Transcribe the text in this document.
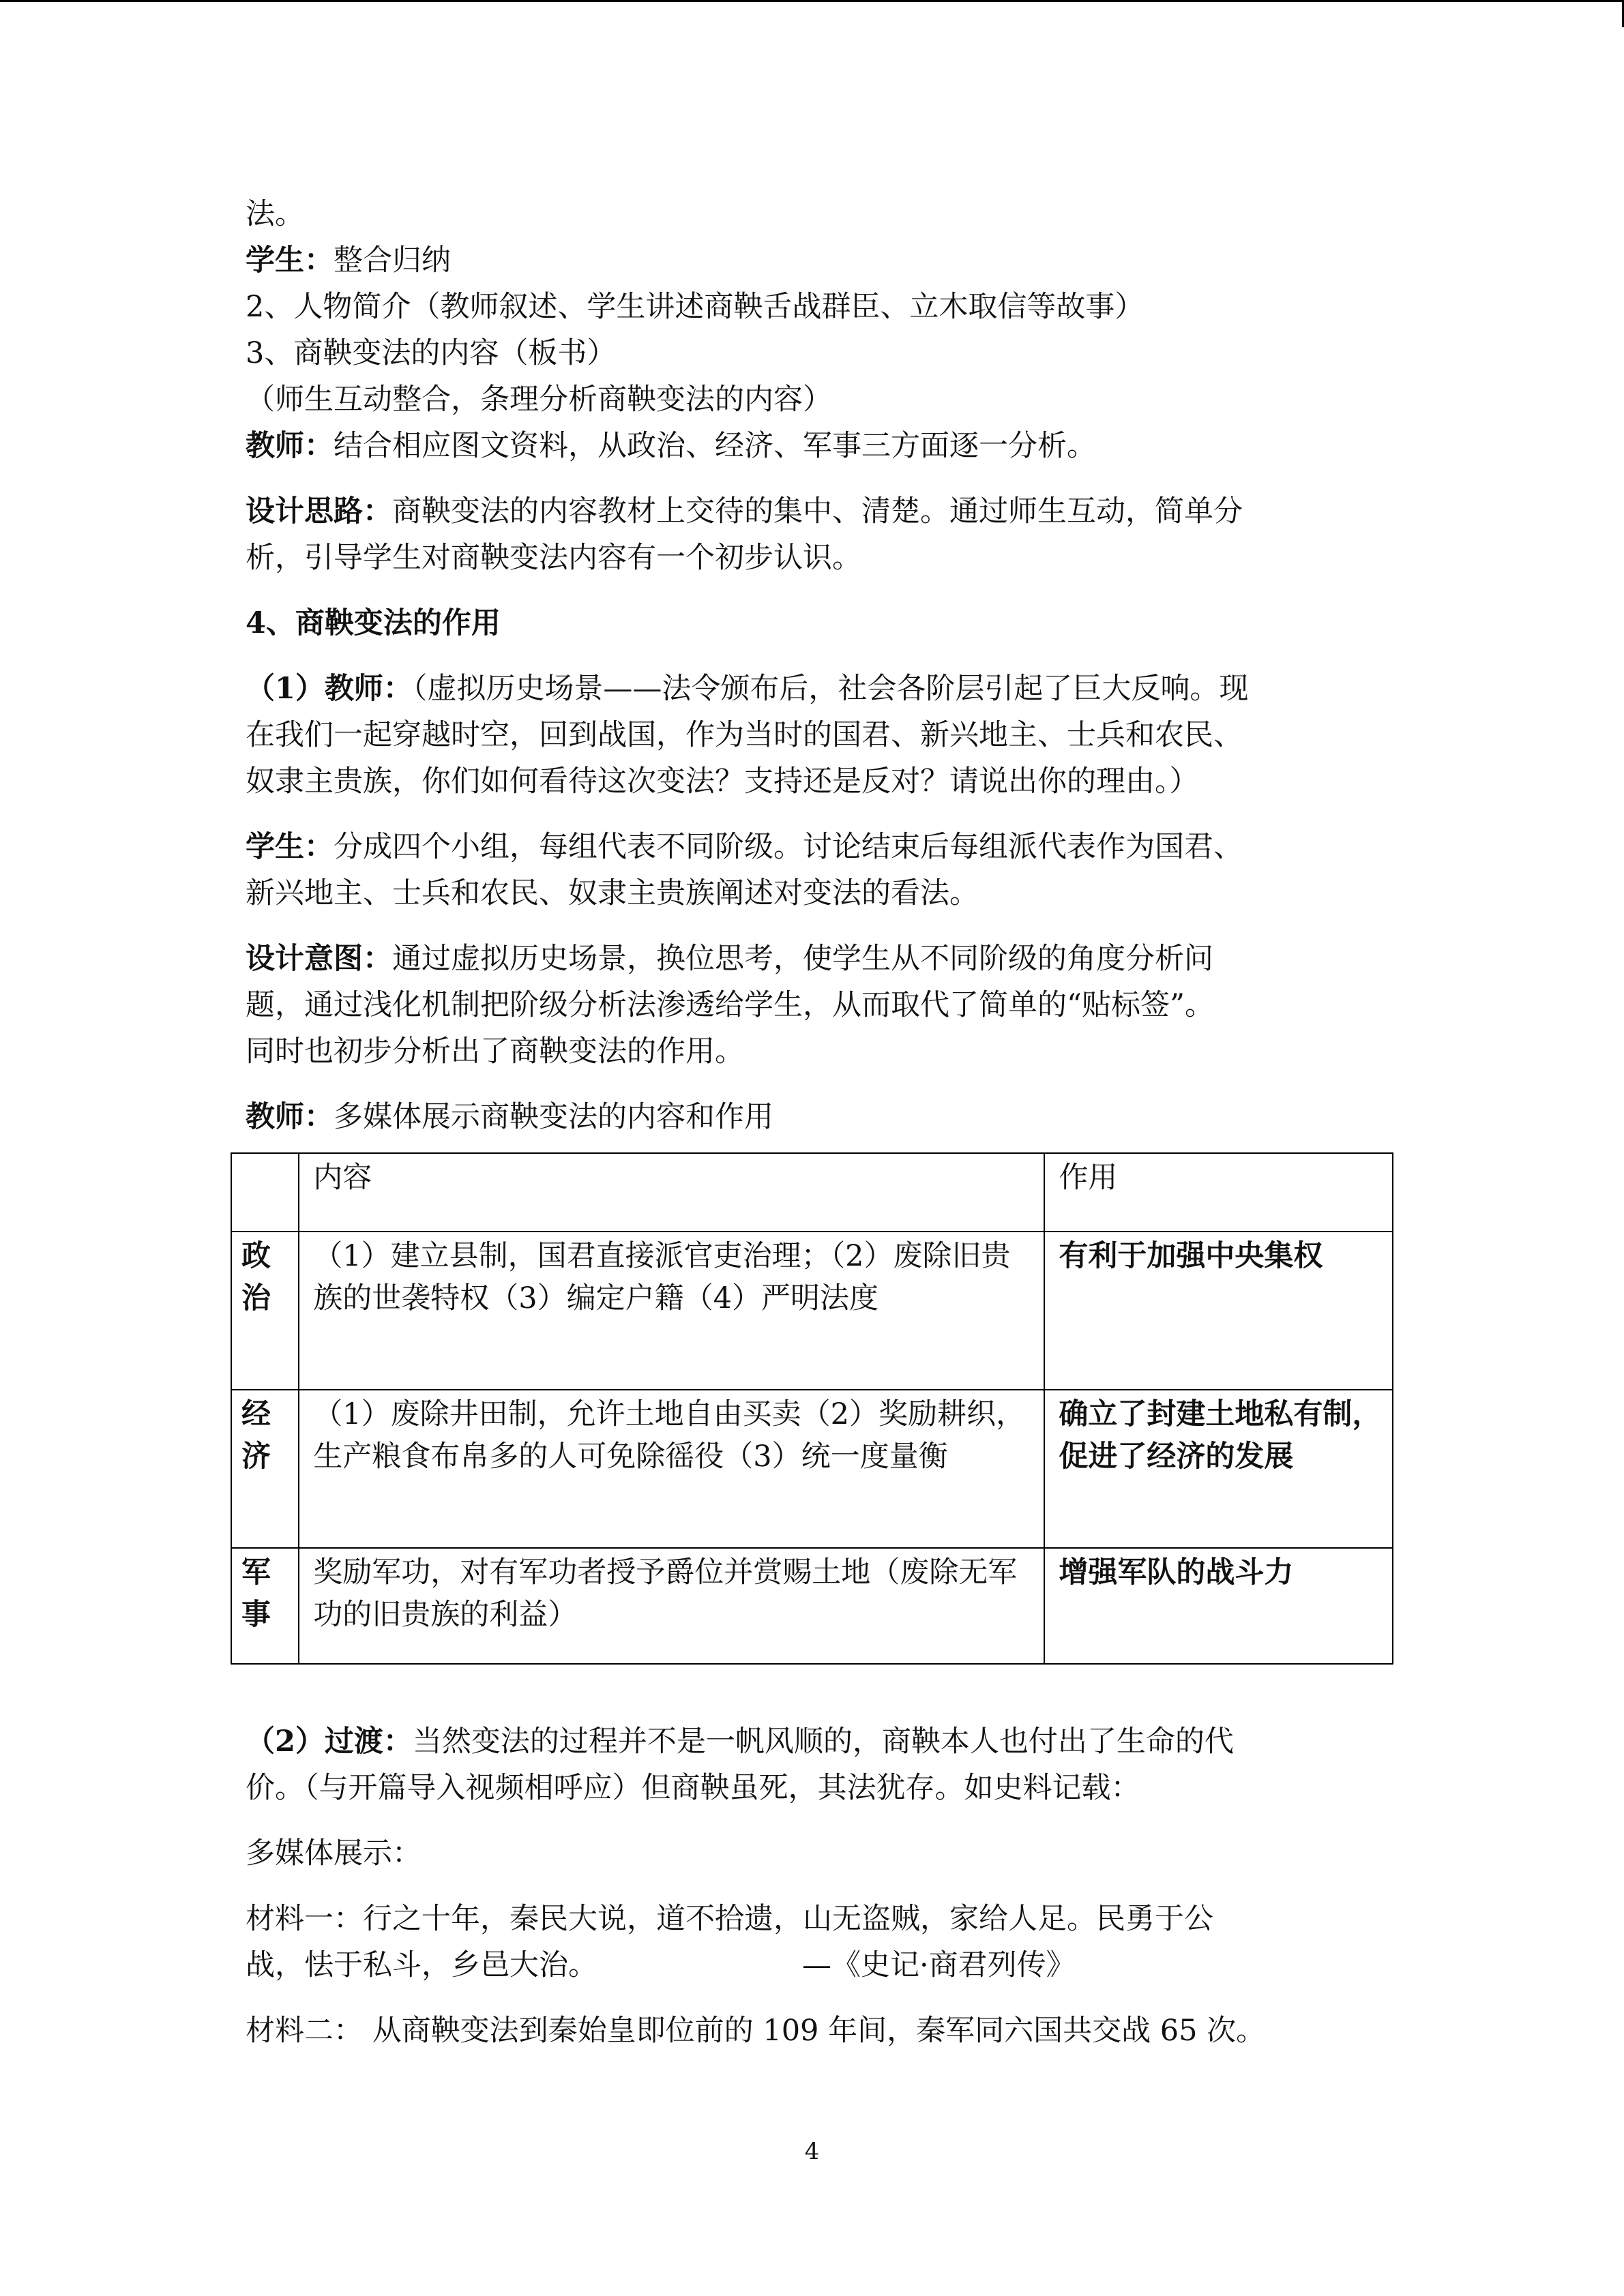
法。

学生：整合归纳

2、人物简介（教师叙述、学生讲述商鞅舌战群臣、立木取信等故事）

3、商鞅变法的内容（板书）

（师生互动整合，条理分析商鞅变法的内容）

教师：结合相应图文资料，从政治、经济、军事三方面逐一分析。

设计思路：商鞅变法的内容教材上交待的集中、清楚。通过师生互动，简单分
析，引导学生对商鞅变法内容有一个初步认识。

4、商鞅变法的作用

（1）教师：（虚拟历史场景——法令颁布后，社会各阶层引起了巨大反响。现
在我们一起穿越时空，回到战国，作为当时的国君、新兴地主、士兵和农民、
奴隶主贵族，你们如何看待这次变法？支持还是反对？请说出你的理由。）

学生：分成四个小组，每组代表不同阶级。讨论结束后每组派代表作为国君、
新兴地主、士兵和农民、奴隶主贵族阐述对变法的看法。

设计意图：通过虚拟历史场景，换位思考，使学生从不同阶级的角度分析问
题，通过浅化机制把阶级分析法渗透给学生，从而取代了简单的“贴标签”。
同时也初步分析出了商鞅变法的作用。

教师：多媒体展示商鞅变法的内容和作用

	内容	作用
政治	（1）建立县制，国君直接派官吏治理；（2）废除旧贵族的世袭特权（3）编定户籍（4）严明法度	有利于加强中央集权
经济	（1）废除井田制，允许土地自由买卖（2）奖励耕织，生产粮食布帛多的人可免除徭役（3）统一度量衡	确立了封建土地私有制，促进了经济的发展
军事	奖励军功，对有军功者授予爵位并赏赐土地（废除无军功的旧贵族的利益）	增强军队的战斗力

（2）过渡：当然变法的过程并不是一帆风顺的，商鞅本人也付出了生命的代
价。（与开篇导入视频相呼应）但商鞅虽死，其法犹存。如史料记载：

多媒体展示：

材料一：行之十年，秦民大说，道不拾遗，山无盗贼，家给人足。民勇于公
战，怯于私斗，乡邑大治。	—《史记·商君列传》

材料二： 从商鞅变法到秦始皇即位前的 109 年间，秦军同六国共交战 65 次。

4
